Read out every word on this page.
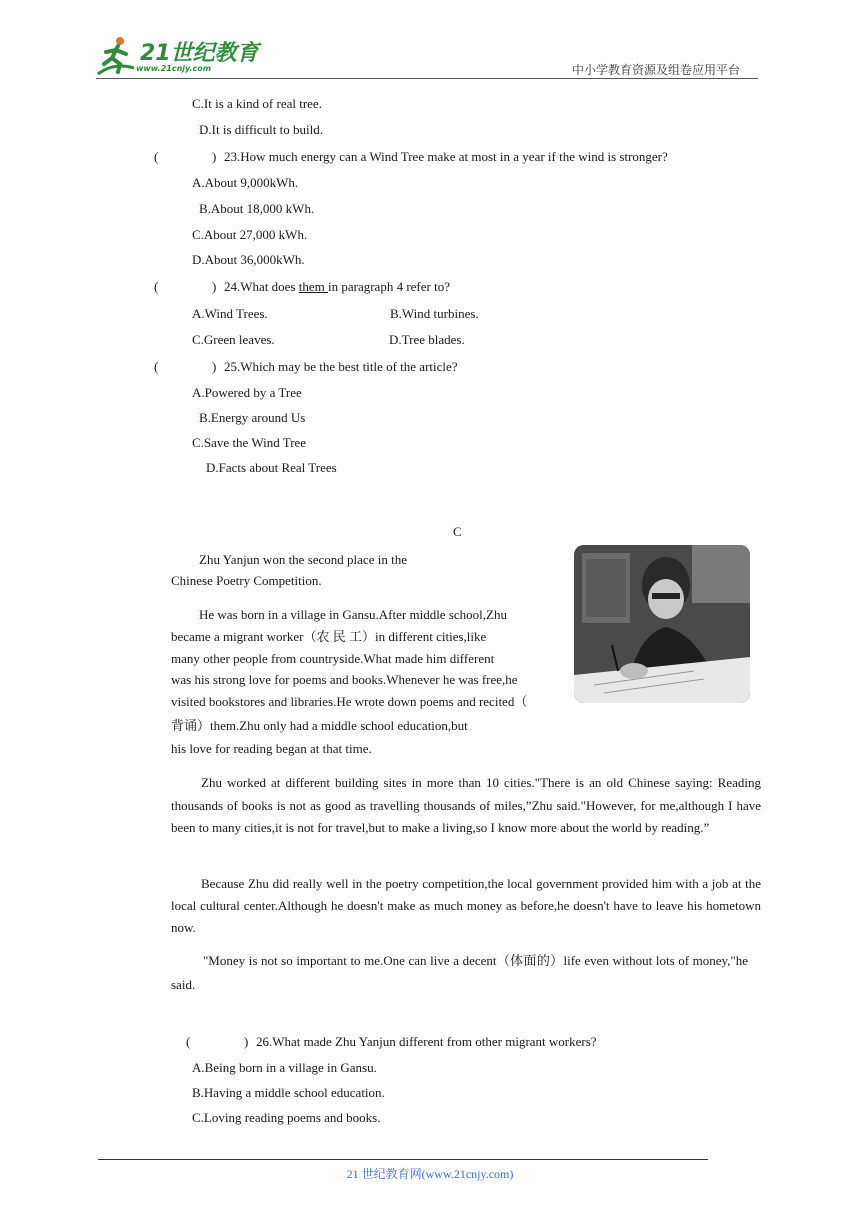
21世纪教育
www.21cnjy.com	中小学教育资源及组卷应用平台
C.It is a kind of real tree.
D.It is difficult to build.
(	) 23.How much energy can a Wind Tree make at most in a year if the wind is stronger?
A.About 9,000kWh.
B.About 18,000 kWh.
C.About 27,000 kWh.
D.About 36,000kWh.
(	) 24.What does them in paragraph 4 refer to?
A.Wind Trees.	B.Wind turbines.
C.Green leaves.	D.Tree blades.
(	) 25.Which may be the best title of the article?
A.Powered by a Tree
B.Energy around Us
C.Save the Wind Tree
D.Facts about Real Trees
C
Zhu Yanjun won the second place in the
Chinese Poetry Competition.
He was born in a village in Gansu.After middle school,Zhu
became a migrant worker（农 民 工）in different cities,like
many other people from countryside.What made him different
was his strong love for poems and books.Whenever he was free,he
visited bookstores and libraries.He wrote down poems and recited（
背诵）them.Zhu only had a middle school education,but
his love for reading began at that time.
Zhu worked at different building sites in more than 10 cities."There is an old Chinese saying: Reading thousands of books is not as good as travelling thousands of miles,”Zhu said."However, for me,although I have been to many cities,it is not for travel,but to make a living,so I know more about the world by reading.”
Because Zhu did really well in the poetry competition,the local government provided him with a job at the local cultural center.Although he doesn't make as much money as before,he doesn't have to leave his hometown now.
"Money is not so important to me.One can live a decent（体面的）life even without lots of money,"he said.
(	) 26.What made Zhu Yanjun different from other migrant workers?
A.Being born in a village in Gansu.
B.Having a middle school education.
C.Loving reading poems and books.
21 世纪教育网(www.21cnjy.com)
